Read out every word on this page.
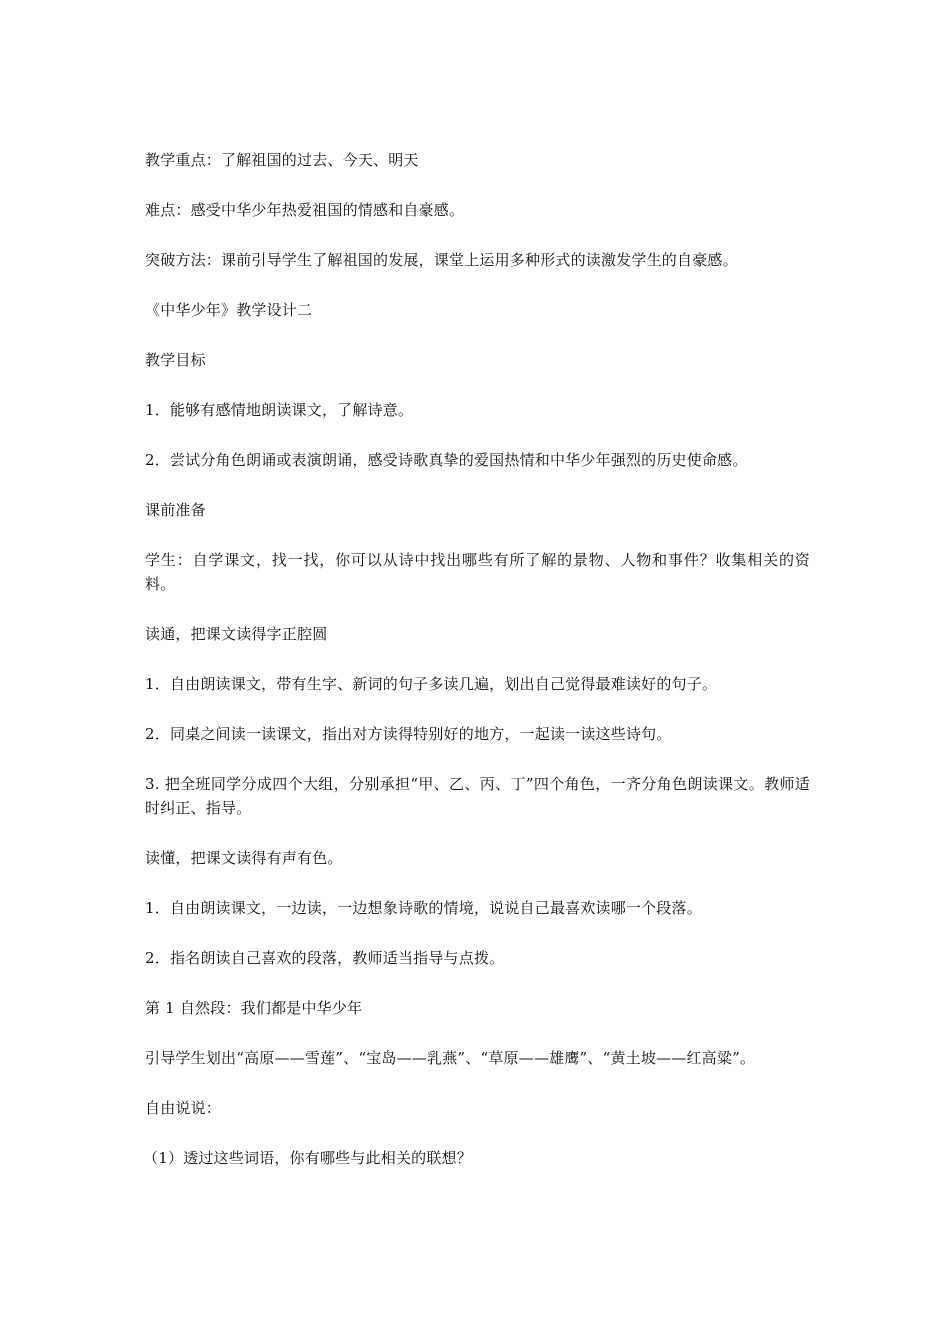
教学重点：了解祖国的过去、今天、明天

难点：感受中华少年热爱祖国的情感和自豪感。

突破方法：课前引导学生了解祖国的发展，课堂上运用多种形式的读激发学生的自豪感。

《中华少年》教学设计二

教学目标

1．能够有感情地朗读课文，了解诗意。

2．尝试分角色朗诵或表演朗诵，感受诗歌真挚的爱国热情和中华少年强烈的历史使命感。

课前准备

学生：自学课文，找一找，你可以从诗中找出哪些有所了解的景物、人物和事件？收集相关的资料。

读通，把课文读得字正腔圆

1．自由朗读课文，带有生字、新词的句子多读几遍，划出自己觉得最难读好的句子。

2．同桌之间读一读课文，指出对方读得特别好的地方，一起读一读这些诗句。

3. 把全班同学分成四个大组，分别承担“甲、乙、丙、丁”四个角色，一齐分角色朗读课文。教师适时纠正、指导。

读懂，把课文读得有声有色。

1．自由朗读课文，一边读，一边想象诗歌的情境，说说自己最喜欢读哪一个段落。

2．指名朗读自己喜欢的段落，教师适当指导与点拨。

第 1 自然段：我们都是中华少年

引导学生划出“高原——雪莲”、“宝岛——乳燕”、“草原——雄鹰”、“黄土坡——红高粱”。

自由说说：

（1）透过这些词语，你有哪些与此相关的联想？
